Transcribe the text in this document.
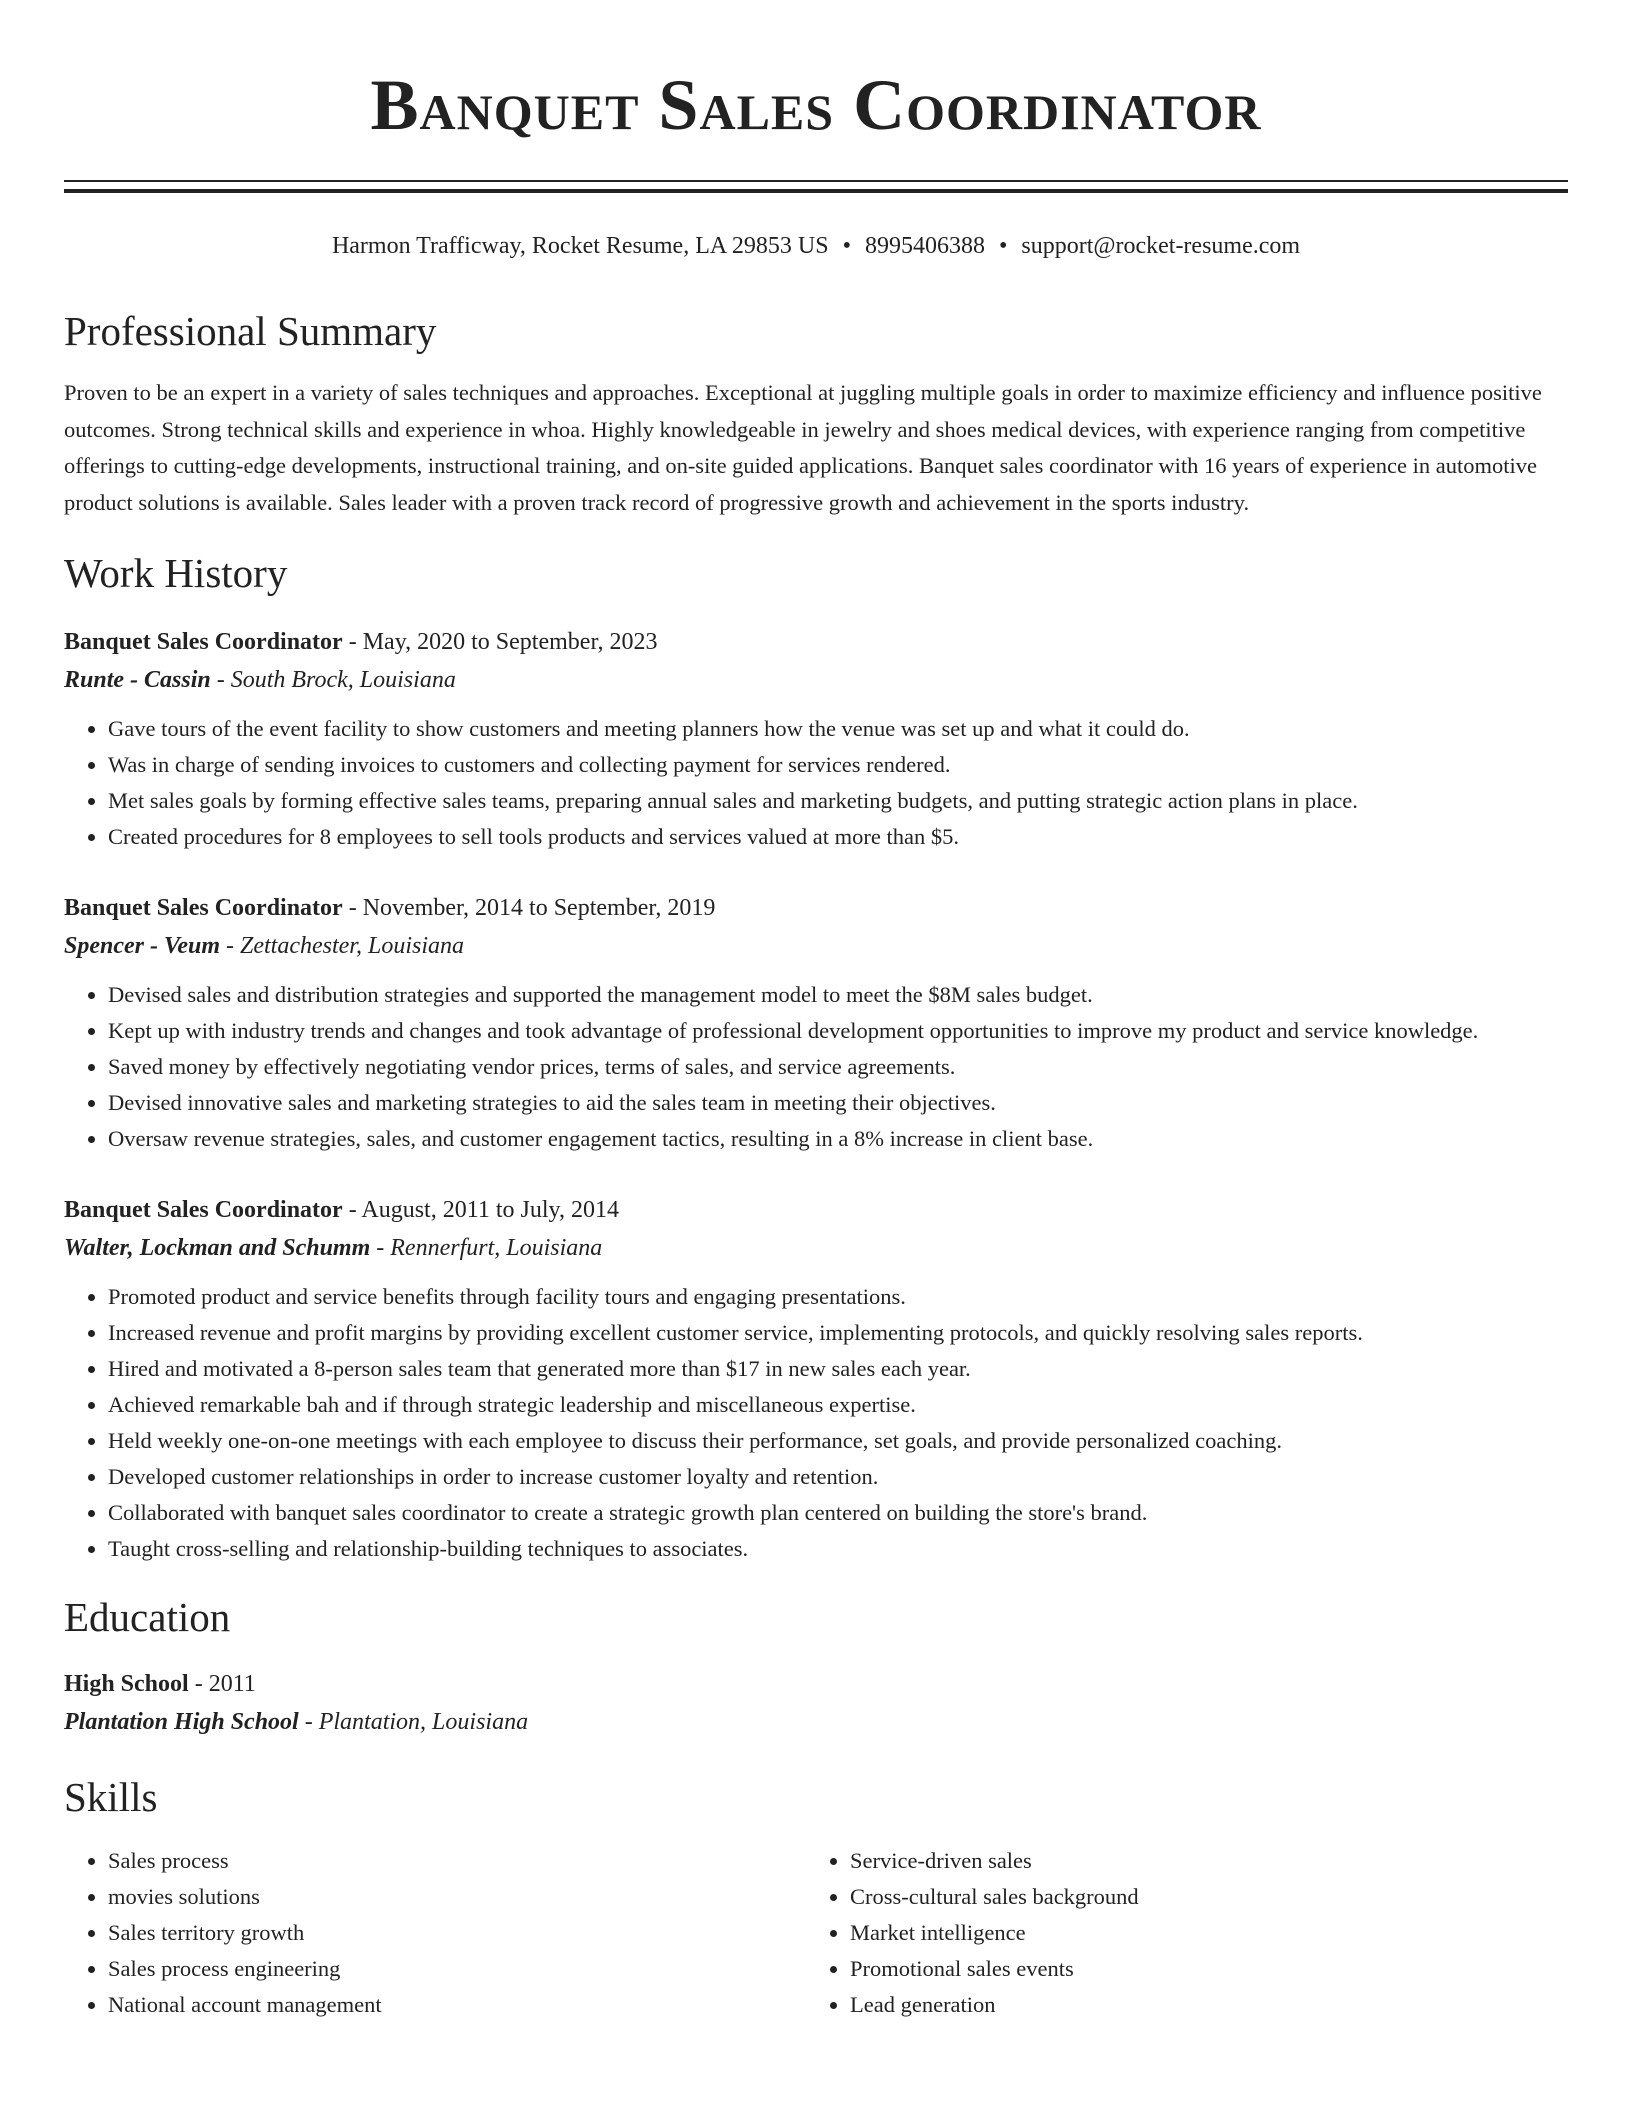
Banquet Sales Coordinator
Harmon Trafficway, Rocket Resume, LA 29853 US • 8995406388 • support@rocket-resume.com
Professional Summary

Proven to be an expert in a variety of sales techniques and approaches. Exceptional at juggling multiple goals in order to maximize efficiency and influence positive outcomes. Strong technical skills and experience in whoa. Highly knowledgeable in jewelry and shoes medical devices, with experience ranging from competitive offerings to cutting-edge developments, instructional training, and on-site guided applications. Banquet sales coordinator with 16 years of experience in automotive product solutions is available. Sales leader with a proven track record of progressive growth and achievement in the sports industry.

Work History

Banquet Sales Coordinator - May, 2020 to September, 2023

Runte - Cassin - South Brock, Louisiana

• Gave tours of the event facility to show customers and meeting planners how the venue was set up and what it could do.
• Was in charge of sending invoices to customers and collecting payment for services rendered.
• Met sales goals by forming effective sales teams, preparing annual sales and marketing budgets, and putting strategic action plans in place.
• Created procedures for 8 employees to sell tools products and services valued at more than $5.

Banquet Sales Coordinator - November, 2014 to September, 2019

Spencer - Veum - Zettachester, Louisiana

• Devised sales and distribution strategies and supported the management model to meet the $8M sales budget.
• Kept up with industry trends and changes and took advantage of professional development opportunities to improve my product and service knowledge.
• Saved money by effectively negotiating vendor prices, terms of sales, and service agreements.
• Devised innovative sales and marketing strategies to aid the sales team in meeting their objectives.
• Oversaw revenue strategies, sales, and customer engagement tactics, resulting in a 8% increase in client base.

Banquet Sales Coordinator - August, 2011 to July, 2014

Walter, Lockman and Schumm - Rennerfurt, Louisiana

• Promoted product and service benefits through facility tours and engaging presentations.
• Increased revenue and profit margins by providing excellent customer service, implementing protocols, and quickly resolving sales reports.
• Hired and motivated a 8-person sales team that generated more than $17 in new sales each year.
• Achieved remarkable bah and if through strategic leadership and miscellaneous expertise.
• Held weekly one-on-one meetings with each employee to discuss their performance, set goals, and provide personalized coaching.
• Developed customer relationships in order to increase customer loyalty and retention.
• Collaborated with banquet sales coordinator to create a strategic growth plan centered on building the store's brand.
• Taught cross-selling and relationship-building techniques to associates.
Education

High School - 2011

Plantation High School - Plantation, Louisiana

Skills
• Sales process
• movies solutions
• Sales territory growth
• Sales process engineering
• National account management
• Service-driven sales
• Cross-cultural sales background
• Market intelligence
• Promotional sales events
• Lead generation
